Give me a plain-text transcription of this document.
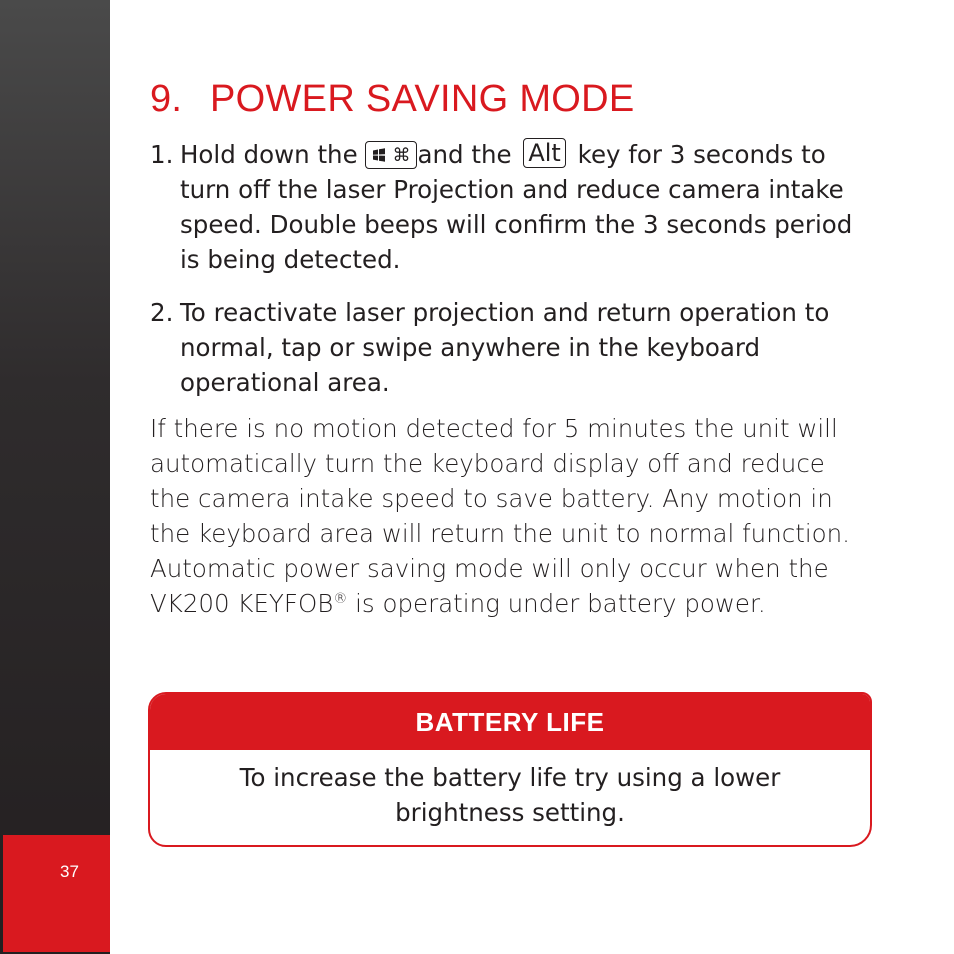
37
9. POWER SAVING MODE
1. Hold down the ⌘ and the Alt key for 3 seconds to turn off the laser Projection and reduce camera intake speed. Double beeps will confirm the 3 seconds period is being detected.
2. To reactivate laser projection and return operation to normal, tap or swipe anywhere in the keyboard operational area.
If there is no motion detected for 5 minutes the unit will automatically turn the keyboard display off and reduce the camera intake speed to save battery. Any motion in the keyboard area will return the unit to normal function. Automatic power saving mode will only occur when the VK200 KEYFOB® is operating under battery power.
BATTERY LIFE
To increase the battery life try using a lower brightness setting.
